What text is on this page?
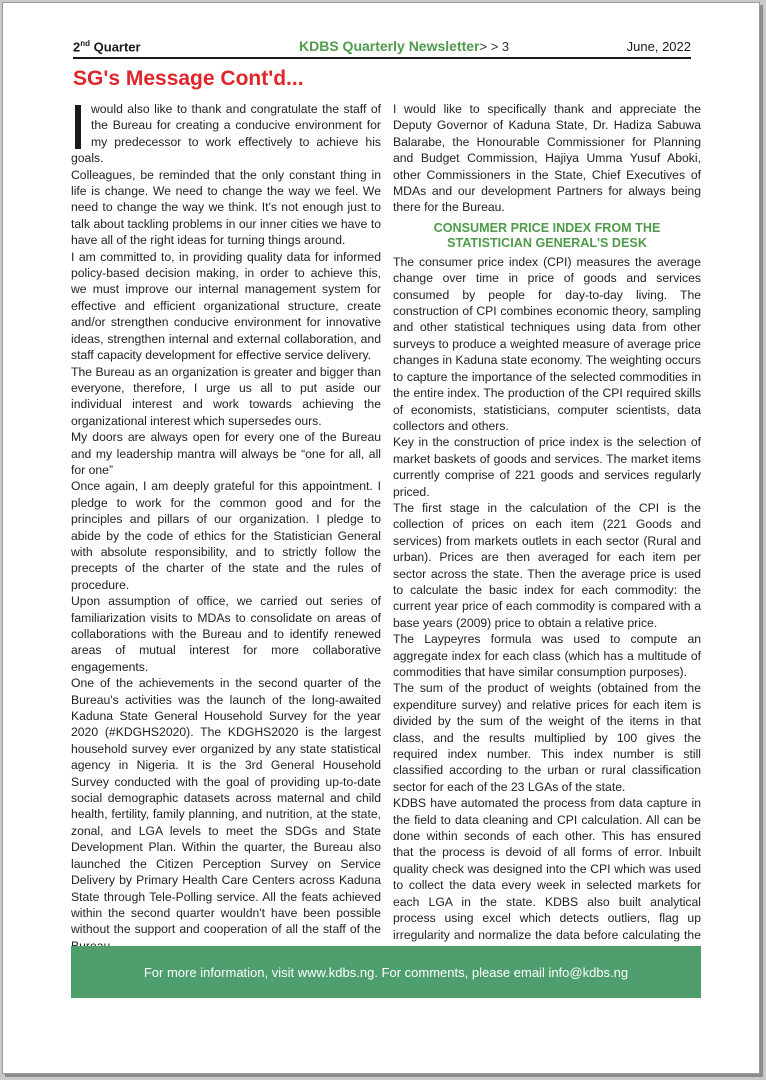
2nd Quarter	KDBS Quarterly Newsletter> > 3	June, 2022
SG's Message Cont'd...

would also like to thank and congratulate the staff of the Bureau for creating a conducive environment for my predecessor to work effectively to achieve his goals.

Colleagues, be reminded that the only constant thing in life is change. We need to change the way we feel. We need to change the way we think. It's not enough just to talk about tackling problems in our inner cities we have to have all of the right ideas for turning things around.

I am committed to, in providing quality data for informed policy-based decision making, in order to achieve this, we must improve our internal management system for effective and efficient organizational structure, create and/or strengthen conducive environment for innovative ideas, strengthen internal and external collaboration, and staff capacity development for effective service delivery.

The Bureau as an organization is greater and bigger than everyone, therefore, I urge us all to put aside our individual interest and work towards achieving the organizational interest which supersedes ours.

My doors are always open for every one of the Bureau and my leadership mantra will always be “one for all, all for one”

Once again, I am deeply grateful for this appointment. I pledge to work for the common good and for the principles and pillars of our organization. I pledge to abide by the code of ethics for the Statistician General with absolute responsibility, and to strictly follow the precepts of the charter of the state and the rules of procedure.

Upon assumption of office, we carried out series of familiarization visits to MDAs to consolidate on areas of collaborations with the Bureau and to identify renewed areas of mutual interest for more collaborative engagements.

One of the achievements in the second quarter of the Bureau's activities was the launch of the long-awaited Kaduna State General Household Survey for the year 2020 (#KDGHS2020). The KDGHS2020 is the largest household survey ever organized by any state statistical agency in Nigeria. It is the 3rd General Household Survey conducted with the goal of providing up-to-date social demographic datasets across maternal and child health, fertility, family planning, and nutrition, at the state, zonal, and LGA levels to meet the SDGs and State Development Plan. Within the quarter, the Bureau also launched the Citizen Perception Survey on Service Delivery by Primary Health Care Centers across Kaduna State through Tele-Polling service. All the feats achieved within the second quarter wouldn't have been possible without the support and cooperation of all the staff of the

I would like to specifically thank and appreciate the Deputy Governor of Kaduna State, Dr. Hadiza Sabuwa Balarabe, the Honourable Commissioner for Planning and Budget Commission, Hajiya Umma Yusuf Aboki, other Commissioners in the State, Chief Executives of MDAs and our development Partners for always being there for the Bureau.

CONSUMER PRICE INDEX FROM THE STATISTICIAN GENERAL'S DESK

The consumer price index (CPI) measures the average change over time in price of goods and services consumed by people for day-to-day living. The construction of CPI combines economic theory, sampling and other statistical techniques using data from other surveys to produce a weighted measure of average price changes in Kaduna state economy. The weighting occurs to capture the importance of the selected commodities in the entire index. The production of the CPI required skills of economists, statisticians, computer scientists, data collectors and others.

Key in the construction of price index is the selection of market baskets of goods and services. The market items currently comprise of 221 goods and services regularly priced.

The first stage in the calculation of the CPI is the collection of prices on each item (221 Goods and services) from markets outlets in each sector (Rural and urban). Prices are then averaged for each item per sector across the state. Then the average price is used to calculate the basic index for each commodity: the current year price of each commodity is compared with a base years (2009) price to obtain a relative price.

The Laypeyres formula was used to compute an aggregate index for each class (which has a multitude of commodities that have similar consumption purposes).

The sum of the product of weights (obtained from the expenditure survey) and relative prices for each item is divided by the sum of the weight of the items in that class, and the results multiplied by 100 gives the required index number. This index number is still classified according to the urban or rural classification sector for each of the 23 LGAs of the state.

KDBS have automated the process from data capture in the field to data cleaning and CPI calculation. All can be done within seconds of each other. This has ensured that the process is devoid of all forms of error. Inbuilt quality check was designed into the CPI which was used to collect the data every week in selected markets for each LGA in the state. KDBS also built analytical process using excel which detects outliers, flag up irregularity and normalize the data before calculating the

For more information, visit www.kdbs.ng. For comments, please email info@kdbs.ng
